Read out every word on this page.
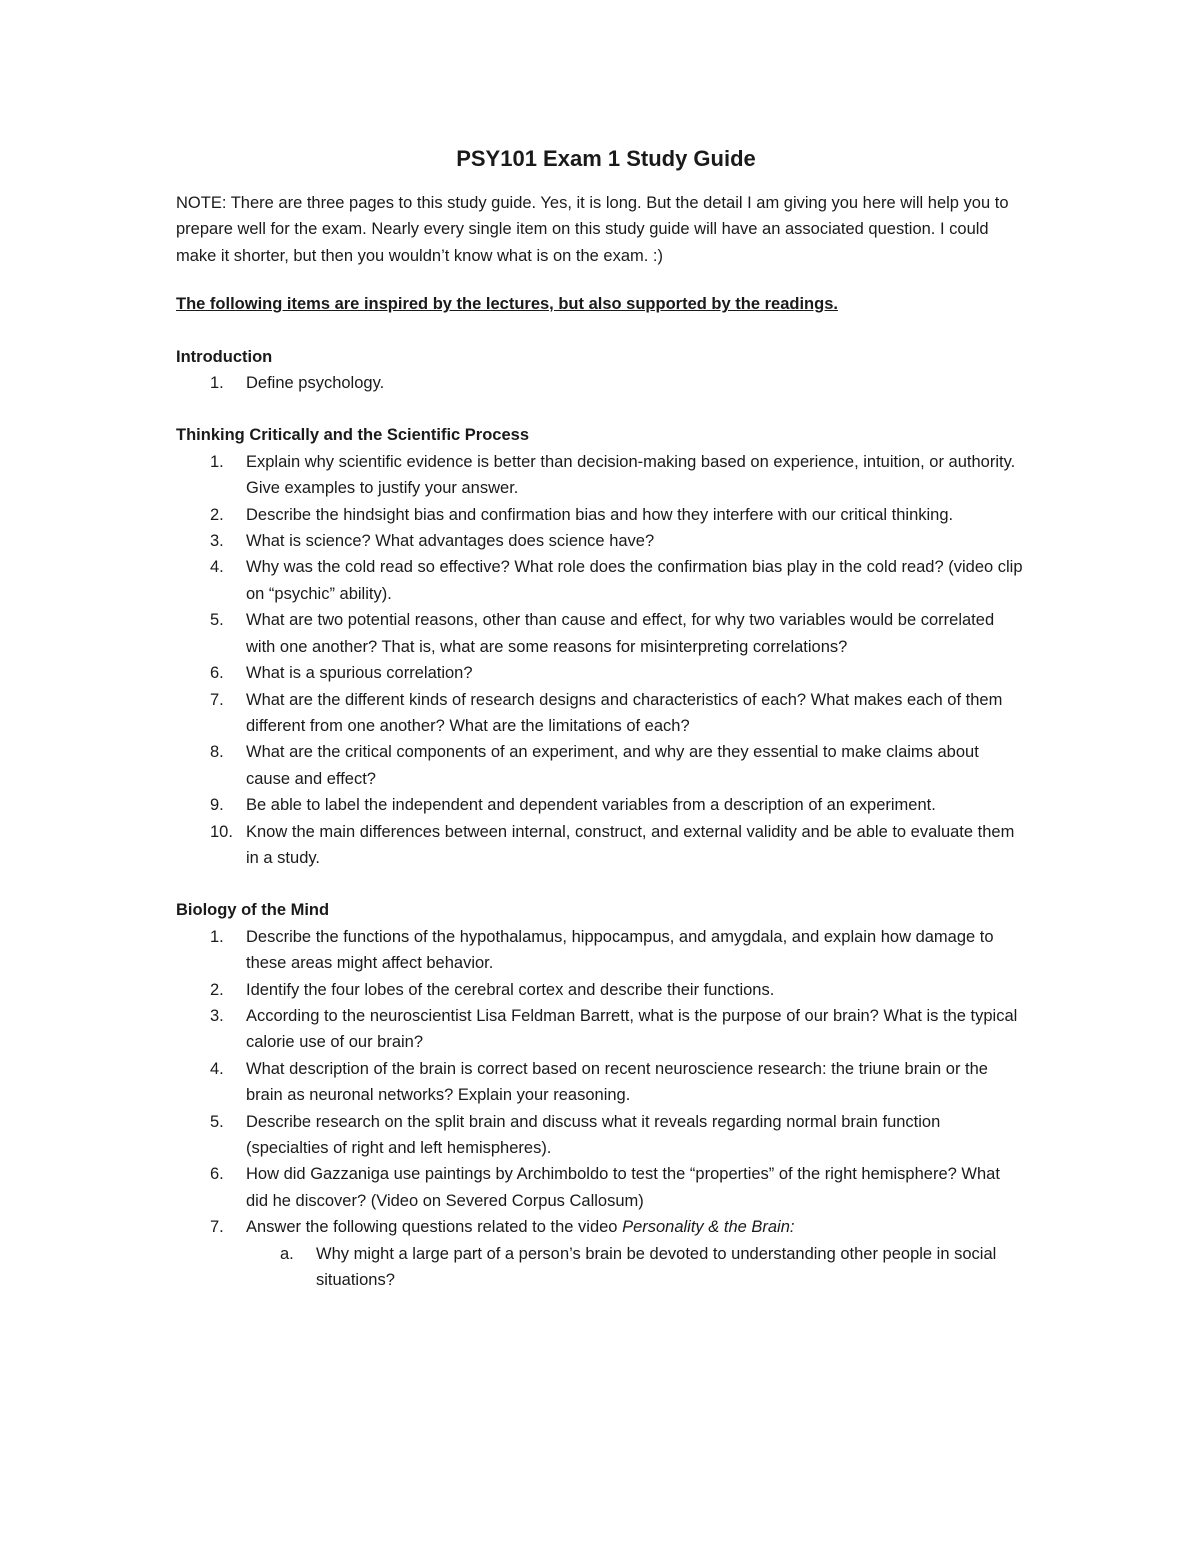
PSY101 Exam 1 Study Guide

NOTE: There are three pages to this study guide. Yes, it is long. But the detail I am giving you here will help you to prepare well for the exam. Nearly every single item on this study guide will have an associated question. I could make it shorter, but then you wouldn’t know what is on the exam. :)

The following items are inspired by the lectures, but also supported by the readings.
Introduction
1.	Define psychology.
Thinking Critically and the Scientific Process
1.	Explain why scientific evidence is better than decision-making based on experience, intuition, or authority. Give examples to justify your answer.
2.	Describe the hindsight bias and confirmation bias and how they interfere with our critical thinking.
3.	What is science? What advantages does science have?
4.	Why was the cold read so effective? What role does the confirmation bias play in the cold read? (video clip on “psychic” ability).
5.	What are two potential reasons, other than cause and effect, for why two variables would be correlated with one another? That is, what are some reasons for misinterpreting correlations?
6.	What is a spurious correlation?
7.	What are the different kinds of research designs and characteristics of each? What makes each of them different from one another? What are the limitations of each?
8.	What are the critical components of an experiment, and why are they essential to make claims about cause and effect?
9.	Be able to label the independent and dependent variables from a description of an experiment.
10. Know the main differences between internal, construct, and external validity and be able to evaluate them in a study.
Biology of the Mind
1.	Describe the functions of the hypothalamus, hippocampus, and amygdala, and explain how damage to these areas might affect behavior.
2.	Identify the four lobes of the cerebral cortex and describe their functions.
3.	According to the neuroscientist Lisa Feldman Barrett, what is the purpose of our brain? What is the typical calorie use of our brain?
4.	What description of the brain is correct based on recent neuroscience research: the triune brain or the brain as neuronal networks? Explain your reasoning.
5.	Describe research on the split brain and discuss what it reveals regarding normal brain function (specialties of right and left hemispheres).
6.	How did Gazzaniga use paintings by Archimboldo to test the “properties” of the right hemisphere? What did he discover? (Video on Severed Corpus Callosum)
7.	Answer the following questions related to the video Personality & the Brain:
a.	Why might a large part of a person’s brain be devoted to understanding other people in social situations?
